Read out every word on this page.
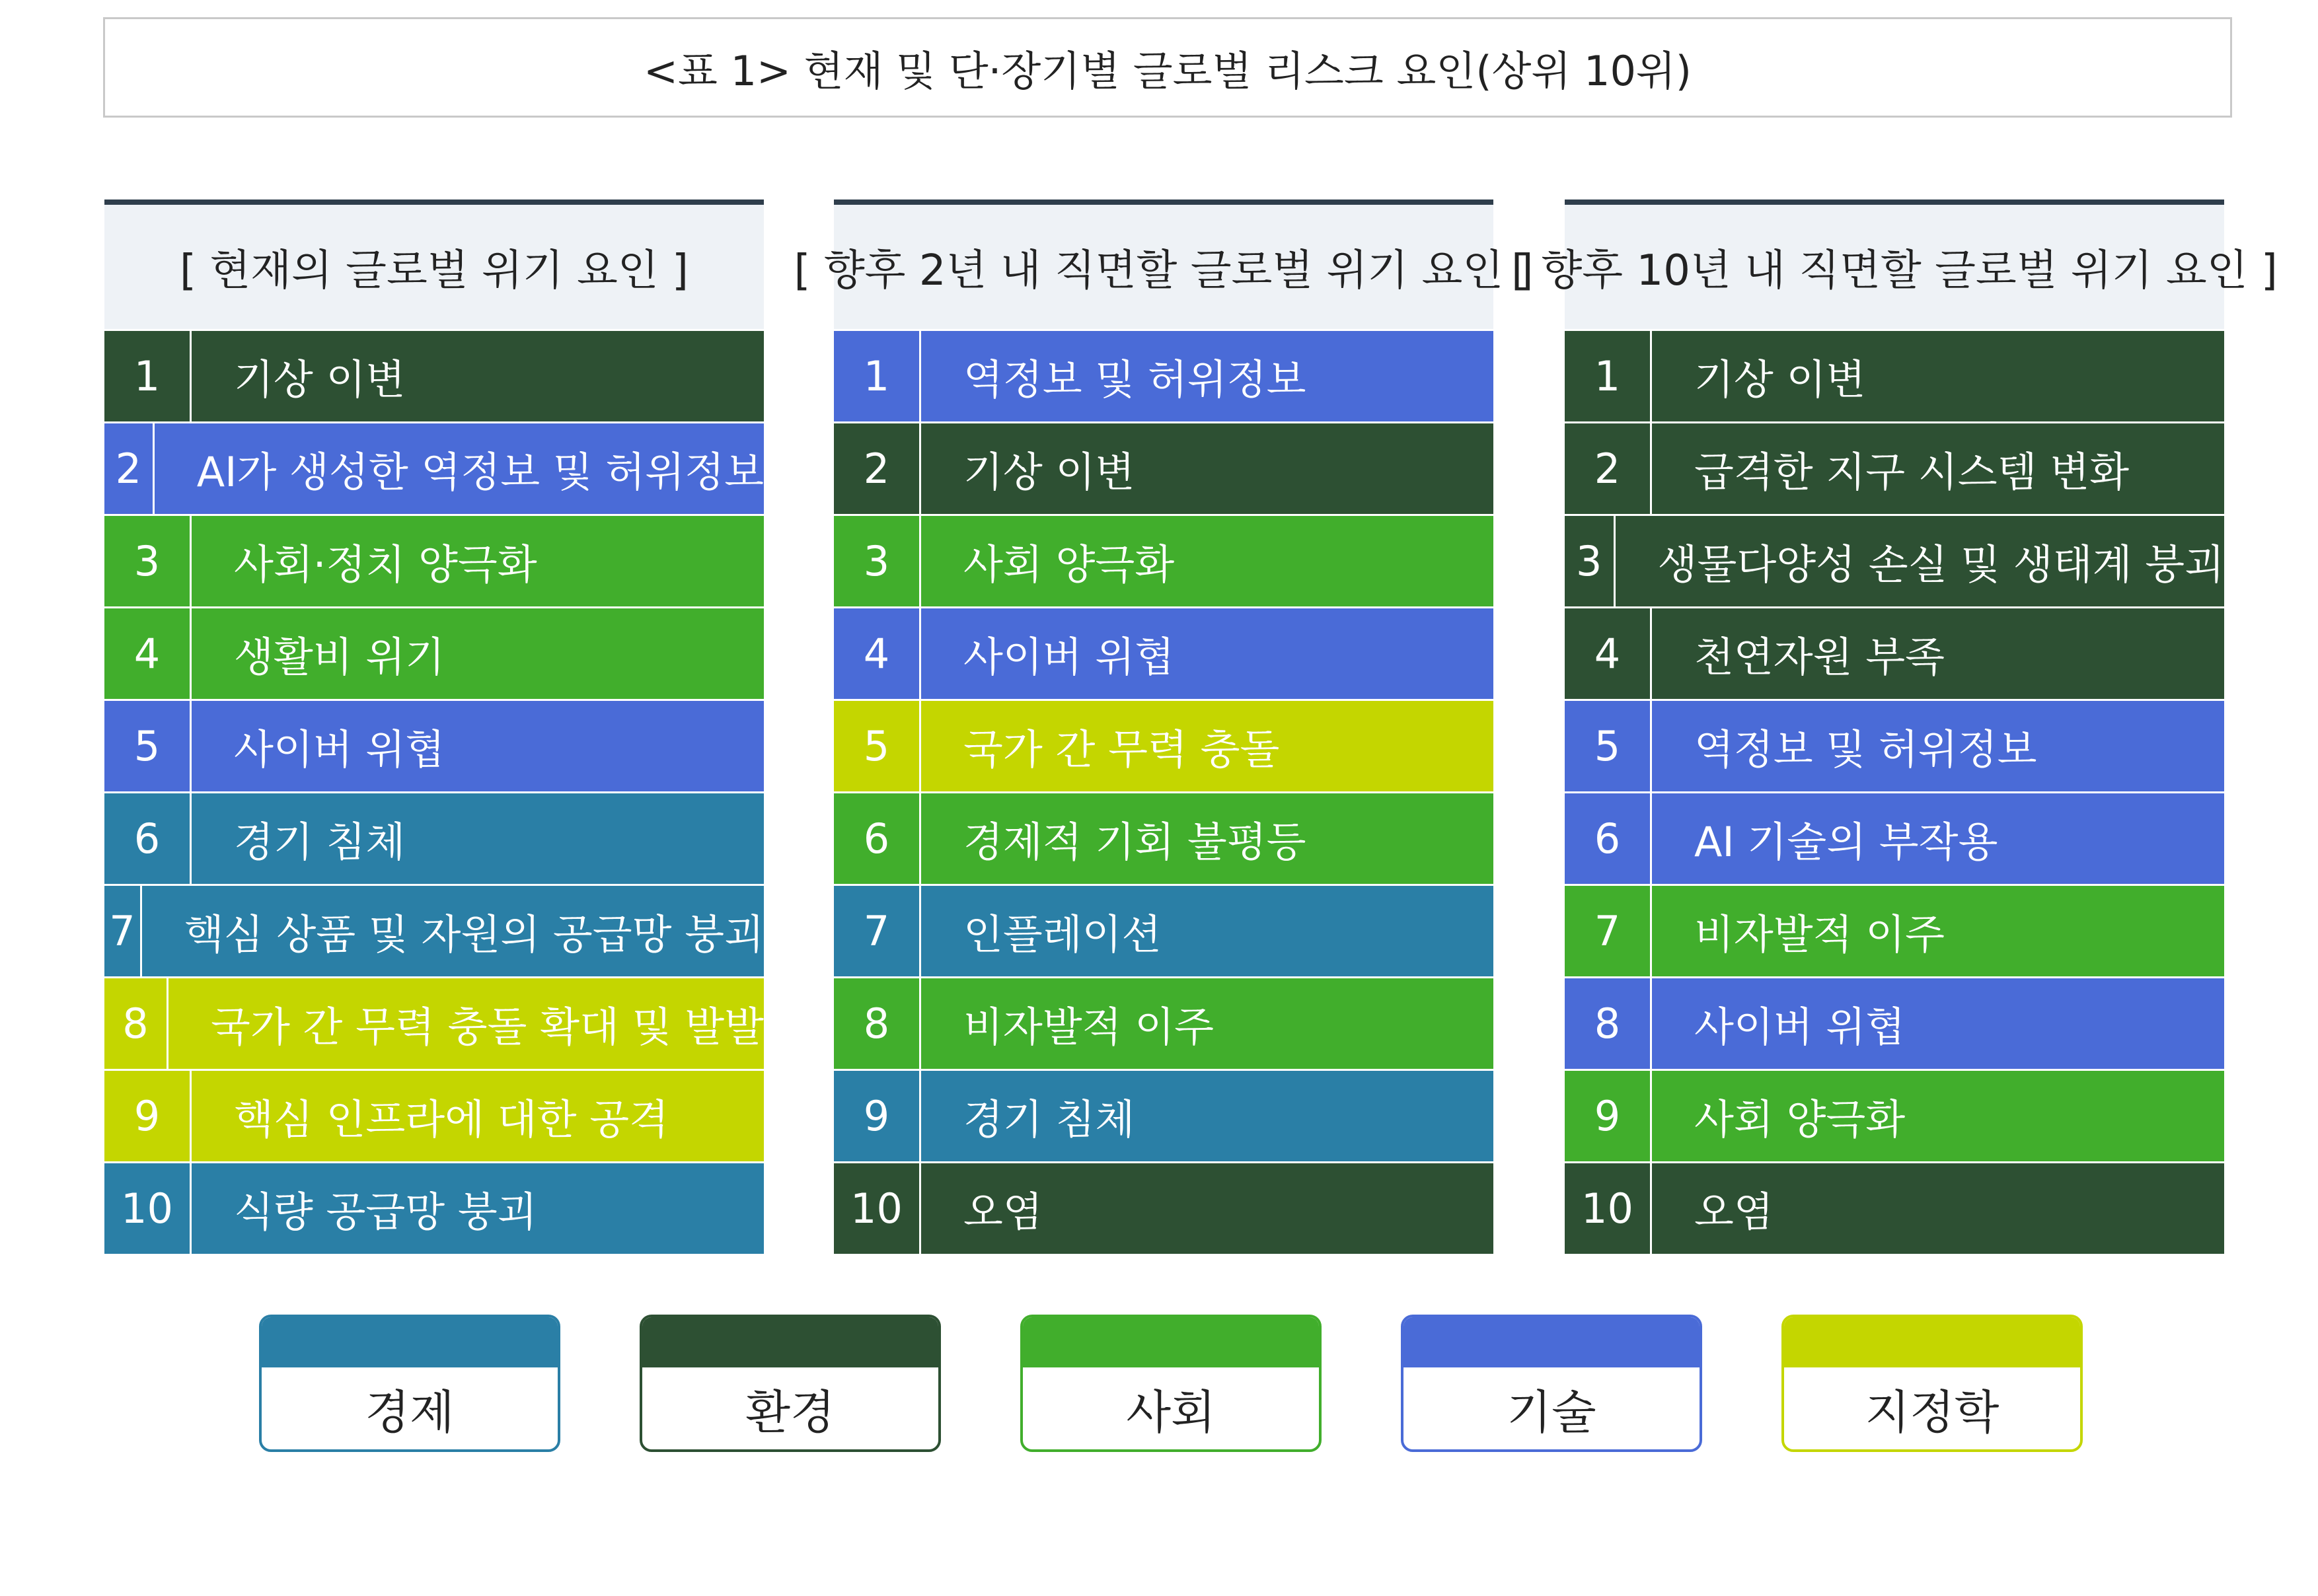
<표 1> 현재 및 단·장기별 글로벌 리스크 요인(상위 10위)
[ 현재의 글로벌 위기 요인 ]
1	기상 이변
2	AI가 생성한 역정보 및 허위정보
3	사회·정치 양극화
4	생활비 위기
5	사이버 위협
6	경기 침체
7	핵심 상품 및 자원의 공급망 붕괴
8	국가 간 무력 충돌 확대 및 발발
9	핵심 인프라에 대한 공격
10	식량 공급망 붕괴
[ 향후 2년 내 직면할 글로벌 위기 요인 ]
1	역정보 및 허위정보
2	기상 이변
3	사회 양극화
4	사이버 위협
5	국가 간 무력 충돌
6	경제적 기회 불평등
7	인플레이션
8	비자발적 이주
9	경기 침체
10	오염
[ 향후 10년 내 직면할 글로벌 위기 요인 ]
1	기상 이변
2	급격한 지구 시스템 변화
3	생물다양성 손실 및 생태계 붕괴
4	천연자원 부족
5	역정보 및 허위정보
6	AI 기술의 부작용
7	비자발적 이주
8	사이버 위협
9	사회 양극화
10	오염
경제	환경	사회	기술	지정학
